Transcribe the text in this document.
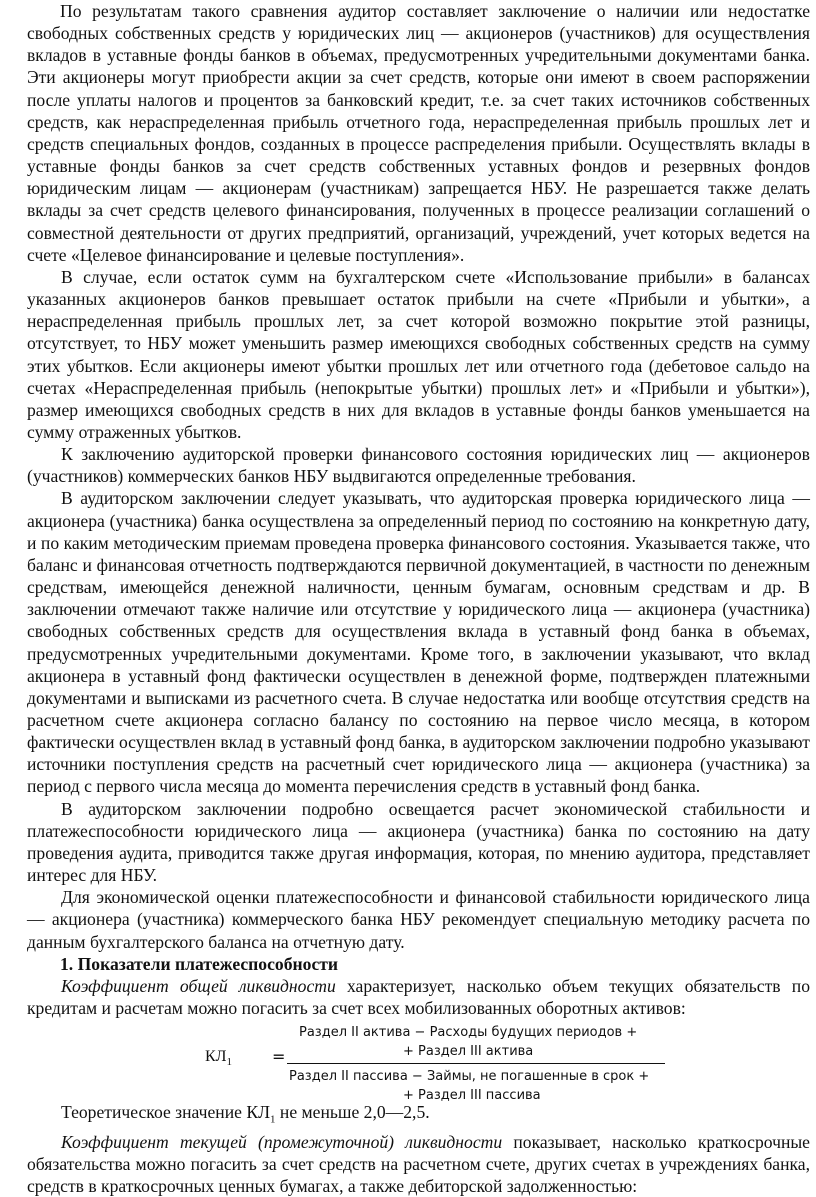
По результатам такого сравнения аудитор составляет заключение о наличии или недостатке свободных собственных средств у юридических лиц — акционеров (участников) для осуществления вкладов в уставные фонды банков в объемах, предусмотренных учредительными документами банка. Эти акционеры могут приобрести акции за счет средств, которые они имеют в своем распоряжении после уплаты налогов и процентов за банковский кредит, т.е. за счет таких источников собственных средств, как нераспределенная прибыль отчетного года, нераспределенная прибыль прошлых лет и средств специальных фондов, созданных в процессе распределения прибыли. Осуществлять вклады в уставные фонды банков за счет средств собственных уставных фондов и резервных фондов юридическим лицам — акционерам (участникам) запрещается НБУ. Не разрешается также делать вклады за счет средств целевого финансирования, полученных в процессе реализации соглашений о совместной деятельности от других предприятий, организаций, учреждений, учет которых ведется на счете «Целевое финансирование и целевые поступления».

В случае, если остаток сумм на бухгалтерском счете «Использование прибыли» в балансах указанных акционеров банков превышает остаток прибыли на счете «Прибыли и убытки», а нераспределенная прибыль прошлых лет, за счет которой возможно покрытие этой разницы, отсутствует, то НБУ может уменьшить размер имеющихся свободных собственных средств на сумму этих убытков. Если акционеры имеют убытки прошлых лет или отчетного года (дебетовое сальдо на счетах «Нераспределенная прибыль (непокрытые убытки) прошлых лет» и «Прибыли и убытки»), размер имеющихся свободных средств в них для вкладов в уставные фонды банков уменьшается на сумму отраженных убытков.

К заключению аудиторской проверки финансового состояния юридических лиц — акционеров (участников) коммерческих банков НБУ выдвигаются определенные требования.

В аудиторском заключении следует указывать, что аудиторская проверка юридического лица — акционера (участника) банка осуществлена за определенный период по состоянию на конкретную дату, и по каким методическим приемам проведена проверка финансового состояния. Указывается также, что баланс и финансовая отчетность подтверждаются первичной документацией, в частности по денежным средствам, имеющейся денежной наличности, ценным бумагам, основным средствам и др. В заключении отмечают также наличие или отсутствие у юридического лица — акционера (участника) свободных собственных средств для осуществления вклада в уставный фонд банка в объемах, предусмотренных учредительными документами. Кроме того, в заключении указывают, что вклад акционера в уставный фонд фактически осуществлен в денежной форме, подтвержден платежными документами и выписками из расчетного счета. В случае недостатка или вообще отсутствия средств на расчетном счете акционера согласно балансу по состоянию на первое число месяца, в котором фактически осуществлен вклад в уставный фонд банка, в аудиторском заключении подробно указывают источники поступления средств на расчетный счет юридического лица — акционера (участника) за период с первого числа месяца до момента перечисления средств в уставный фонд банка.

В аудиторском заключении подробно освещается расчет экономической стабильности и платежеспособности юридического лица — акционера (участника) банка по состоянию на дату проведения аудита, приводится также другая информация, которая, по мнению аудитора, представляет интерес для НБУ.

Для экономической оценки платежеспособности и финансовой стабильности юридического лица — акционера (участника) коммерческого банка НБУ рекомендует специальную методику расчета по данным бухгалтерского баланса на отчетную дату.

1. Показатели платежеспособности

Коэффициент общей ликвидности характеризует, насколько объем текущих обязательств по кредитам и расчетам можно погасить за счет всех мобилизованных оборотных активов:

$КЛ_1$ =
Раздел II актива − Расходы будущих периодов +
+ Раздел III актива
Раздел II пассива − Займы, не погашенные в срок +
+ Раздел III пассива

Теоретическое значение $КЛ_1$ не меньше 2,0—2,5.

Коэффициент текущей (промежуточной) ликвидности показывает, насколько краткосрочные обязательства можно погасить за счет средств на расчетном счете, других счетах в учреждениях банка, средств в краткосрочных ценных бумагах, а также дебиторской задолженностью:
